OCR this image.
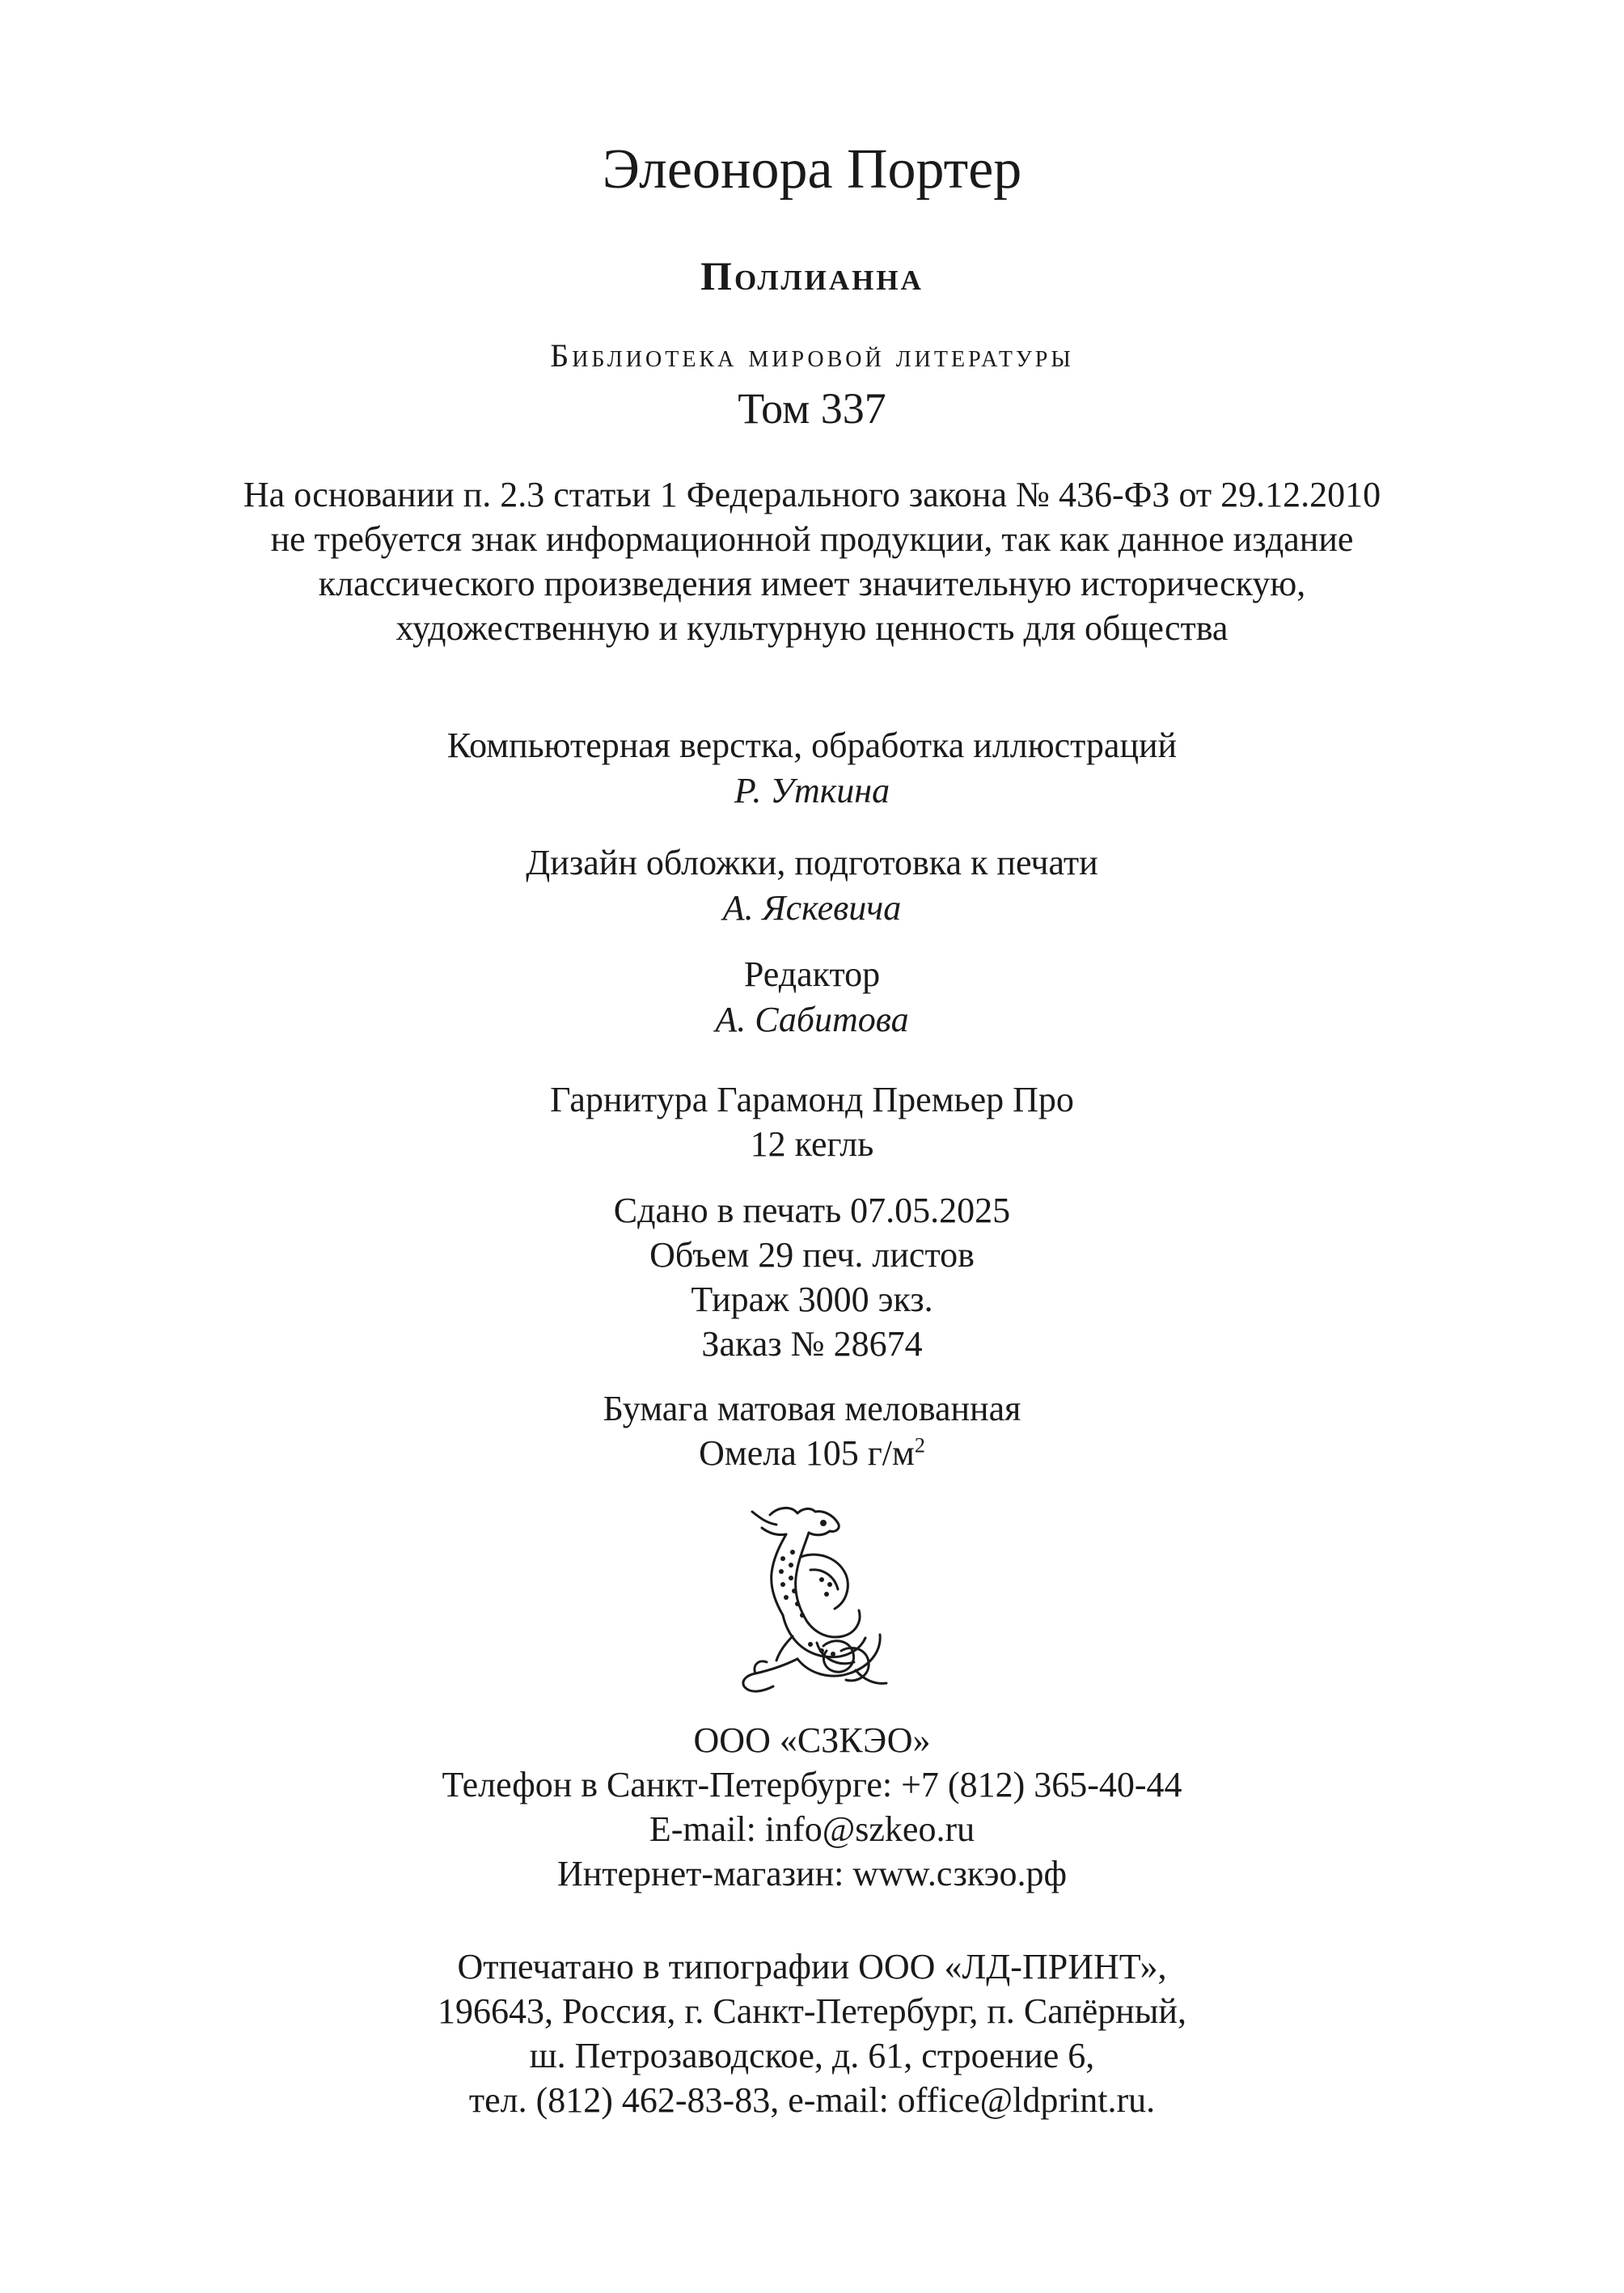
Элеонора Портер
Поллианна
Библиотека мировой литературы
Том 337
На основании п. 2.3 статьи 1 Федерального закона № 436-ФЗ от 29.12.2010
не требуется знак информационной продукции, так как данное издание
классического произведения имеет значительную историческую,
художественную и культурную ценность для общества
Компьютерная верстка, обработка иллюстраций
Р. Уткина
Дизайн обложки, подготовка к печати
А. Яскевича
Редактор
А. Сабитова
Гарнитура Гарамонд Премьер Про
12 кегль
Сдано в печать 07.05.2025
Объем 29 печ. листов
Тираж 3000 экз.
Заказ № 28674
Бумага матовая мелованная
Омела 105 $г/м^2$
ООО «СЗКЭО»
Телефон в Санкт-Петербурге: +7 (812) 365-40-44
E-mail: info@szkeo.ru
Интернет-магазин: www.сзкэо.рф
Отпечатано в типографии ООО «ЛД-ПРИНТ»,
196643, Россия, г. Санкт-Петербург, п. Сапёрный,
ш. Петрозаводское, д. 61, строение 6,
тел. (812) 462-83-83, e-mail: office@ldprint.ru.
